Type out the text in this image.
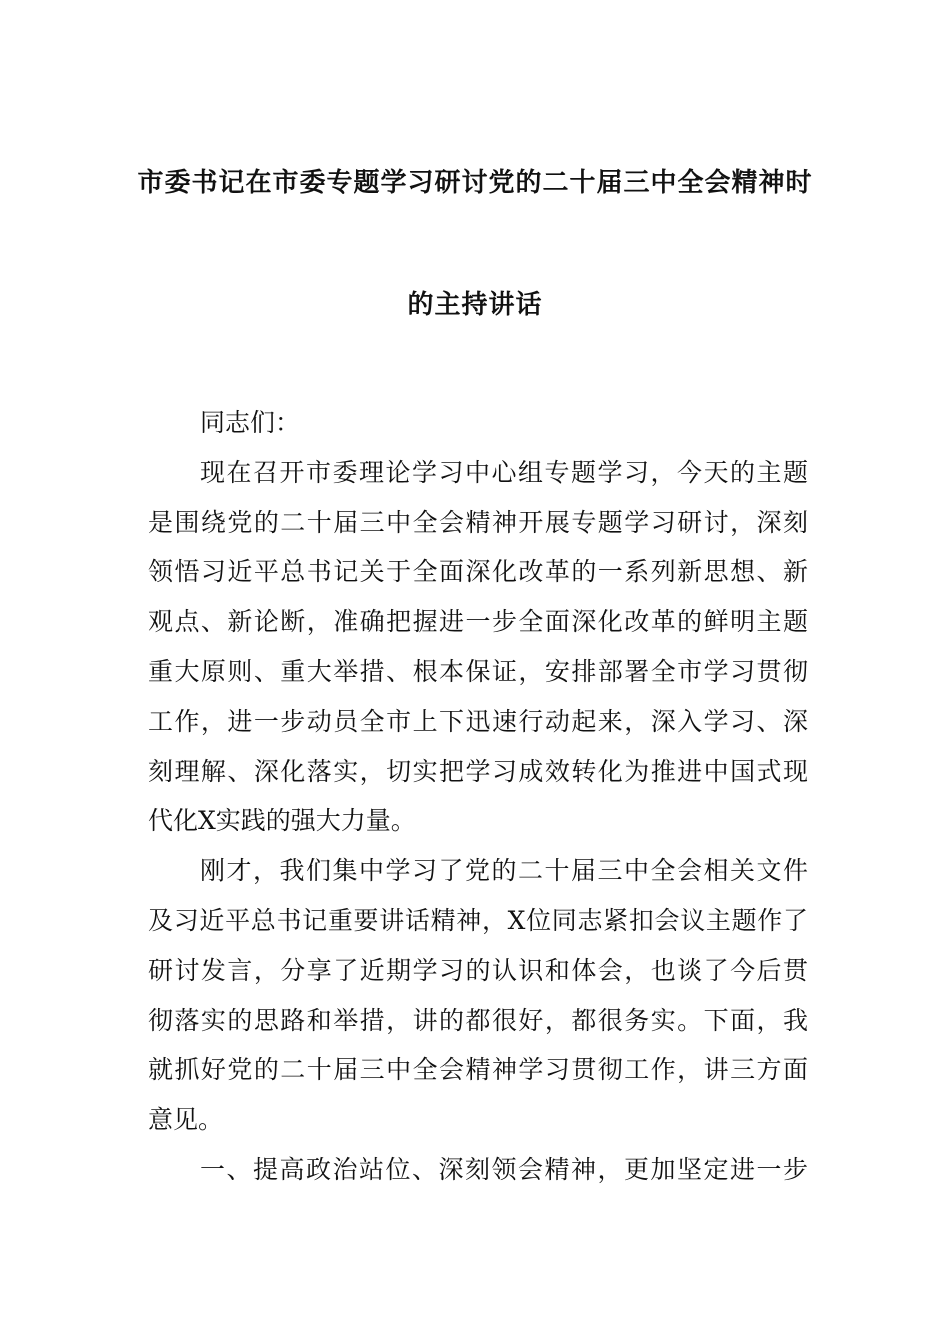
市委书记在市委专题学习研讨党的二十届三中全会精神时
的主持讲话
同志们：
现在召开市委理论学习中心组专题学习，今天的主题
是围绕党的二十届三中全会精神开展专题学习研讨，深刻
领悟习近平总书记关于全面深化改革的一系列新思想、新
观点、新论断，准确把握进一步全面深化改革的鲜明主题
重大原则、重大举措、根本保证，安排部署全市学习贯彻
工作，进一步动员全市上下迅速行动起来，深入学习、深
刻理解、深化落实，切实把学习成效转化为推进中国式现
代化X实践的强大力量。
刚才，我们集中学习了党的二十届三中全会相关文件
及习近平总书记重要讲话精神，X位同志紧扣会议主题作了
研讨发言，分享了近期学习的认识和体会，也谈了今后贯
彻落实的思路和举措，讲的都很好，都很务实。下面，我
就抓好党的二十届三中全会精神学习贯彻工作，讲三方面
意见。
一、提高政治站位、深刻领会精神，更加坚定进一步
